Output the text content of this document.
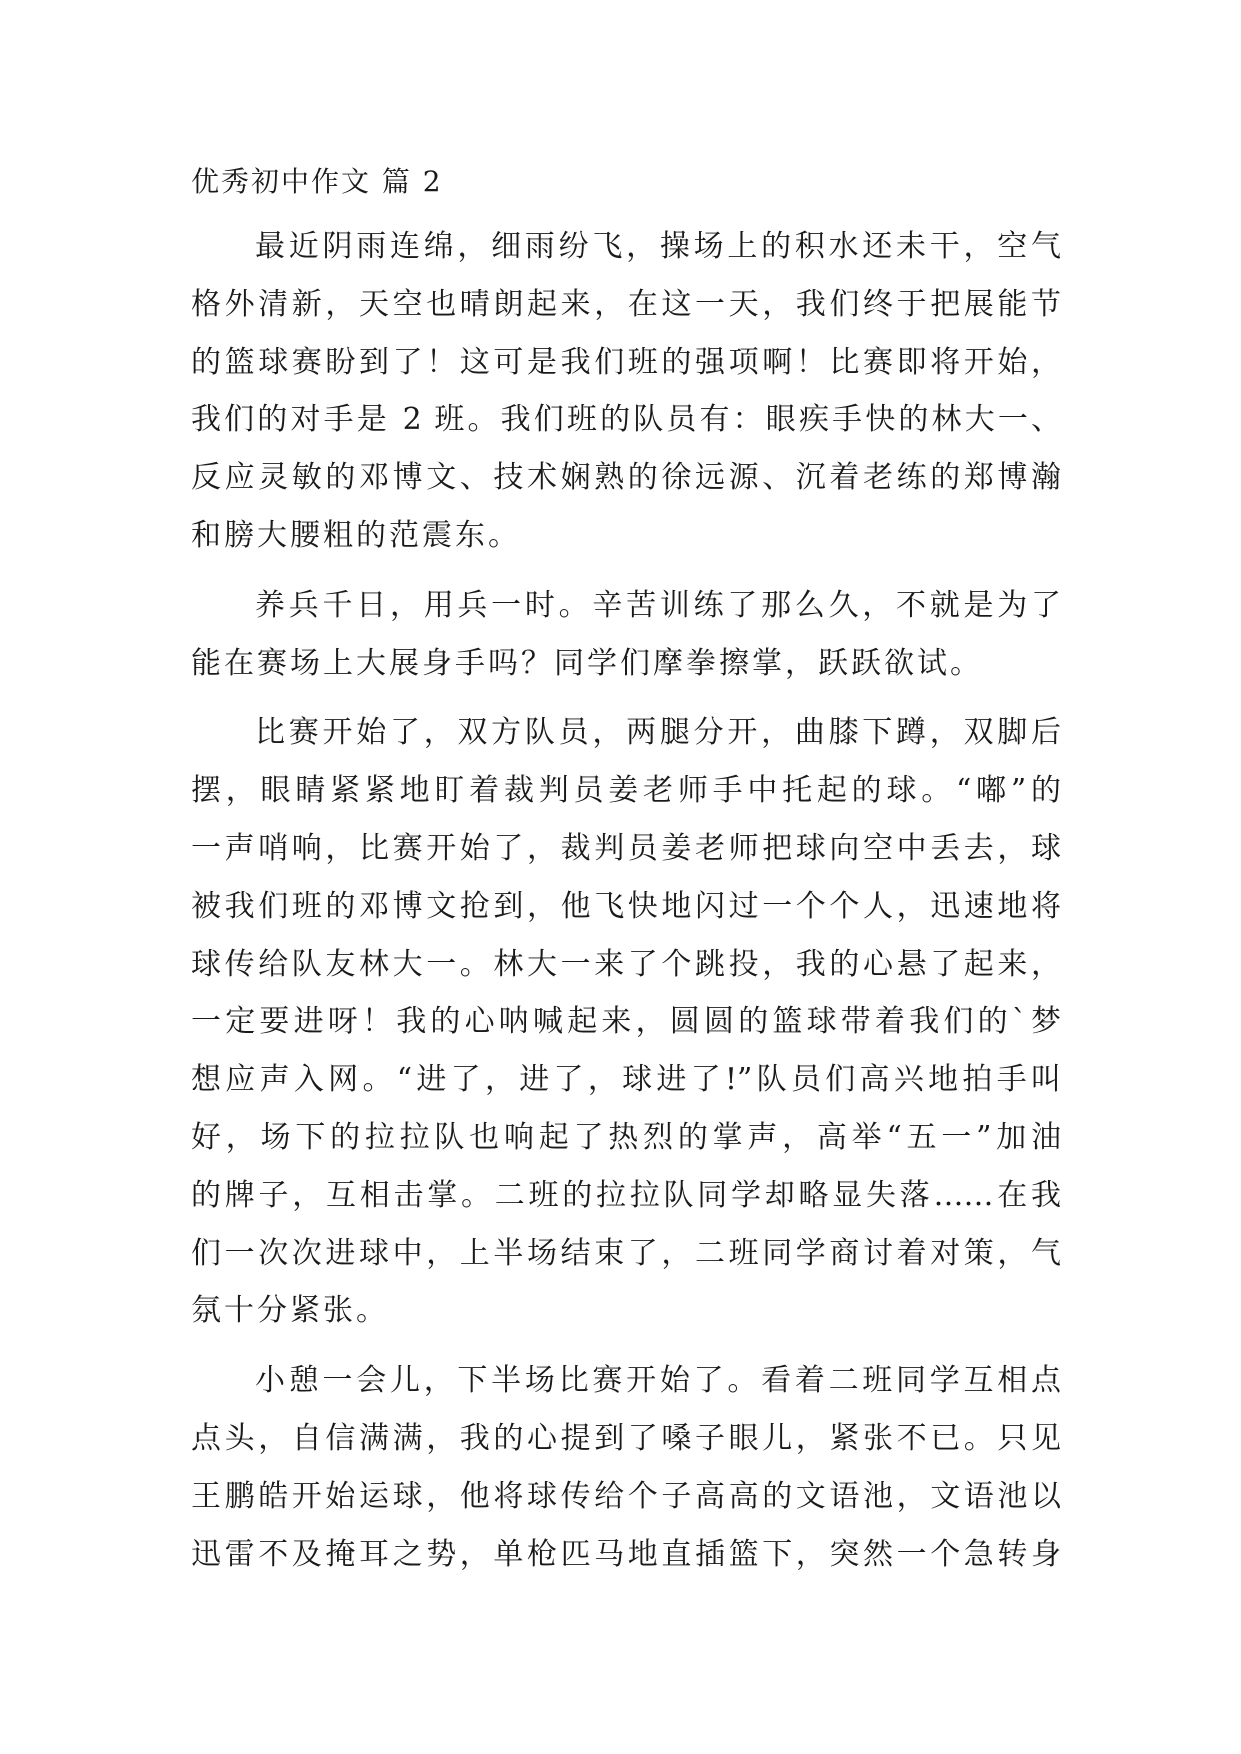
优秀初中作文 篇 2
最近阴雨连绵，细雨纷飞，操场上的积水还未干，空气
格外清新，天空也晴朗起来，在这一天，我们终于把展能节
的篮球赛盼到了！这可是我们班的强项啊！比赛即将开始，
我们的对手是 2 班。我们班的队员有：眼疾手快的林大一、
反应灵敏的邓博文、技术娴熟的徐远源、沉着老练的郑博瀚
和膀大腰粗的范震东。
养兵千日，用兵一时。辛苦训练了那么久，不就是为了
能在赛场上大展身手吗？同学们摩拳擦掌，跃跃欲试。
比赛开始了，双方队员，两腿分开，曲膝下蹲，双脚后
摆，眼睛紧紧地盯着裁判员姜老师手中托起的球。“嘟”的
一声哨响，比赛开始了，裁判员姜老师把球向空中丢去，球
被我们班的邓博文抢到，他飞快地闪过一个个人，迅速地将
球传给队友林大一。林大一来了个跳投，我的心悬了起来，
一定要进呀！我的心呐喊起来，圆圆的篮球带着我们的`梦
想应声入网。“进了，进了，球进了!”队员们高兴地拍手叫
好，场下的拉拉队也响起了热烈的掌声，高举“五一”加油
的牌子，互相击掌。二班的拉拉队同学却略显失落……在我
们一次次进球中，上半场结束了，二班同学商讨着对策，气
氛十分紧张。
小憩一会儿，下半场比赛开始了。看着二班同学互相点
点头，自信满满，我的心提到了嗓子眼儿，紧张不已。只见
王鹏皓开始运球，他将球传给个子高高的文语池，文语池以
迅雷不及掩耳之势，单枪匹马地直插篮下，突然一个急转身
